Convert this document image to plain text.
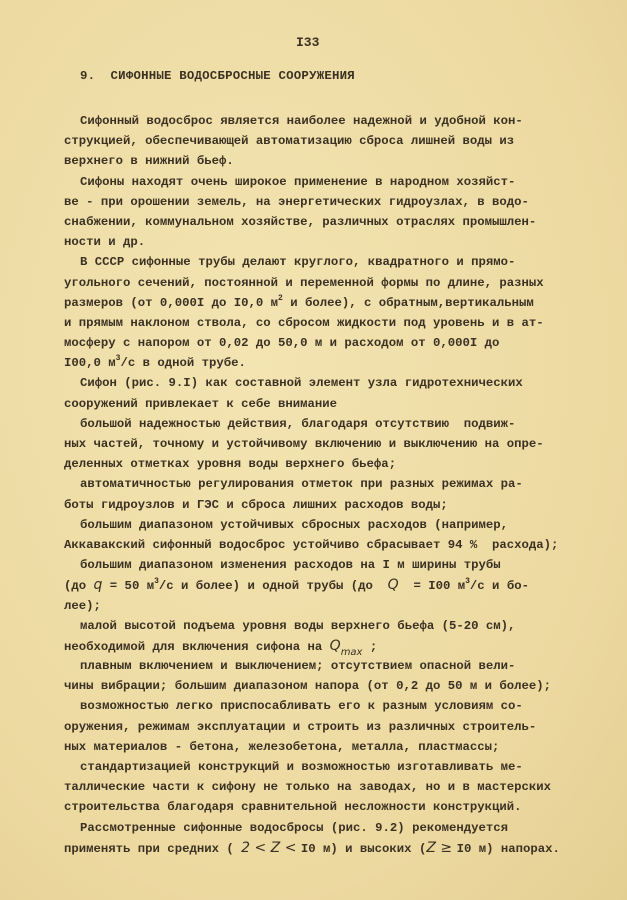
I33
9.  СИФОННЫЕ ВОДОСБРОСНЫЕ СООРУЖЕНИЯ
Сифонный водосброс является наиболее надежной и удобной кон-
струкцией, обеспечивающей автоматизацию сброса лишней воды из
верхнего в нижний бьеф.
Сифоны находят очень широкое применение в народном хозяйст-
ве - при орошении земель, на энергетических гидроузлах, в водо-
снабжении, коммунальном хозяйстве, различных отраслях промышлен-
ности и др.
В СССР сифонные трубы делают круглого, квадратного и прямо-
угольного сечений, постоянной и переменной формы по длине, разных
размеров (от 0,000I до I0,0 $м^2$ и более), с обратным,вертикальным
и прямым наклоном ствола, со сбросом жидкости под уровень и в ат-
мосферу с напором от 0,02 до 50,0 м и расходом от 0,000I до
I00,0 $м^3/с$ в одной трубе.
Сифон (рис. 9.I) как составной элемент узла гидротехнических
сооружений привлекает к себе внимание
большой надежностью действия, благодаря отсутствию  подвиж-
ных частей, точному и устойчивому включению и выключению на опре-
деленных отметках уровня воды верхнего бьефа;
автоматичностью регулирования отметок при разных режимах ра-
боты гидроузлов и ГЭС и сброса лишних расходов воды;
большим диапазоном устойчивых сбросных расходов (например,
Аккавакский сифонный водосброс устойчиво сбрасывает 94 %  расхода);
большим диапазоном изменения расходов на I м ширины трубы
(до q = 50 $м^3/с$ и более) и одной трубы (до  Q  = I00 $м^3/с$ и бо-
лее);
малой высотой подъема уровня воды верхнего бьефа (5-20 см),
необходимой для включения сифона на $Q_{max}$ ;
плавным включением и выключением; отсутствием опасной вели-
чины вибрации; большим диапазоном напора (от 0,2 до 50 м и более);
возможностью легко приспосабливать его к разным условиям со-
оружения, режимам эксплуатации и строить из различных строитель-
ных материалов - бетона, железобетона, металла, пластмассы;
стандартизацией конструкций и возможностью изготавливать ме-
таллические части к сифону не только на заводах, но и в мастерских
строительства благодаря сравнительной несложности конструкций.
Рассмотренные сифонные водосбросы (рис. 9.2) рекомендуется
применять при средних ( 2 < Z < I0 м) и высоких (Z ≥ I0 м) напорах.
